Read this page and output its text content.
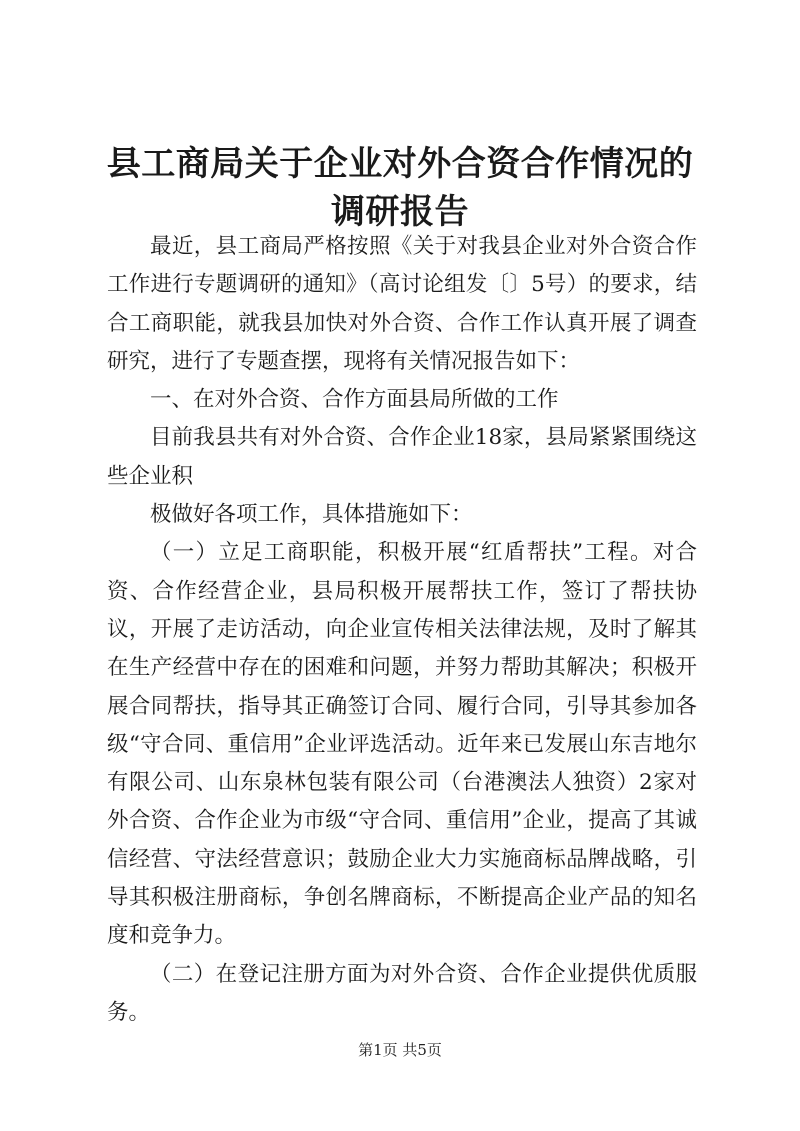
县工商局关于企业对外合资合作情况的调研报告

最近，县工商局严格按照《关于对我县企业对外合资合作工作进行专题调研的通知》（高讨论组发〔〕5号）的要求，结合工商职能，就我县加快对外合资、合作工作认真开展了调查研究，进行了专题查摆，现将有关情况报告如下：

一、在对外合资、合作方面县局所做的工作

目前我县共有对外合资、合作企业18家，县局紧紧围绕这些企业积

极做好各项工作，具体措施如下：

（一）立足工商职能，积极开展“红盾帮扶”工程。对合资、合作经营企业，县局积极开展帮扶工作，签订了帮扶协议，开展了走访活动，向企业宣传相关法律法规，及时了解其在生产经营中存在的困难和问题，并努力帮助其解决；积极开展合同帮扶，指导其正确签订合同、履行合同，引导其参加各级“守合同、重信用”企业评选活动。近年来已发展山东吉地尔有限公司、山东泉林包装有限公司（台港澳法人独资）2家对外合资、合作企业为市级“守合同、重信用”企业，提高了其诚信经营、守法经营意识；鼓励企业大力实施商标品牌战略，引导其积极注册商标，争创名牌商标，不断提高企业产品的知名度和竞争力。

（二）在登记注册方面为对外合资、合作企业提供优质服务。

第1页 共5页
